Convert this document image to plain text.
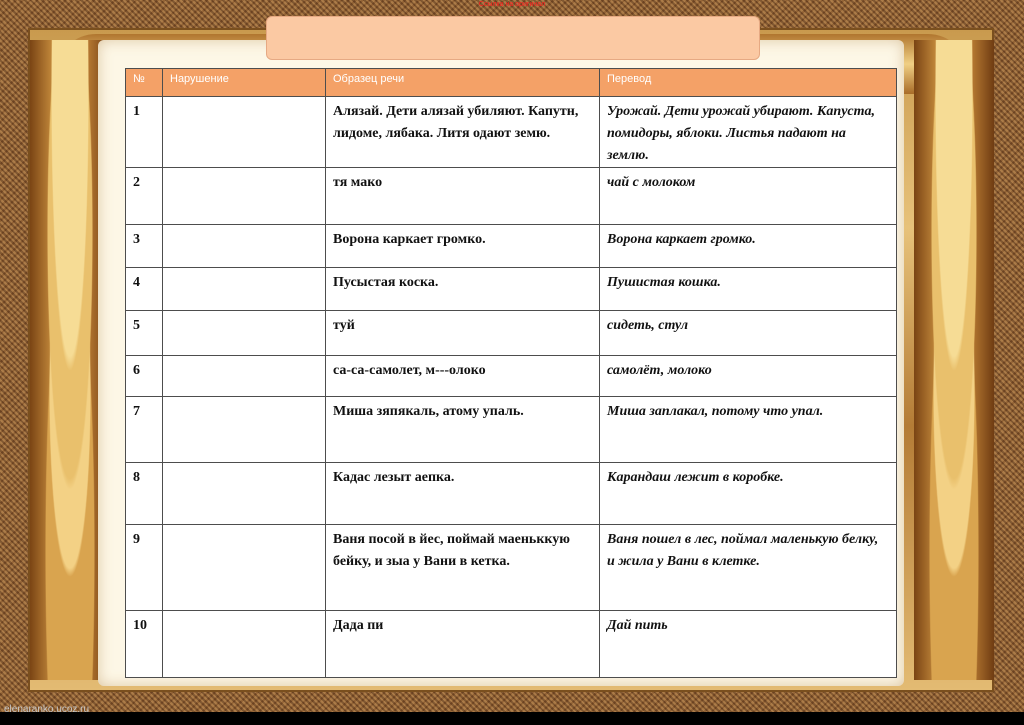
Ссылка на оригинал
№	Нарушение	Образец речи	Перевод
1		Алязай. Дети алязай убиляют. Капутн, лидоме, лябака. Литя одают земю.	Урожай. Дети урожай убирают. Капуста, помидоры, яблоки. Листья падают на землю.
2		тя мако	чай с молоком
3		Ворона каркает громко.	Ворона каркает громко.
4		Пусыстая коска.	Пушистая кошка.
5		туй	сидеть, стул
6		са-са-самолет, м---олоко	самолёт, молоко
7		Миша зяпякаль, атому упаль.	Миша заплакал, потому что упал.
8		Кадас лезыт аепка.	Карандаш лежит в коробке.
9		Ваня посой в йес, поймай маеньккую бейку, и зыа у Вани в кетка.	Ваня пошел в лес, поймал маленькую белку, и жила у Вани в клетке.
10		Дада пи	Дай пить
elenaranko.ucoz.ru
